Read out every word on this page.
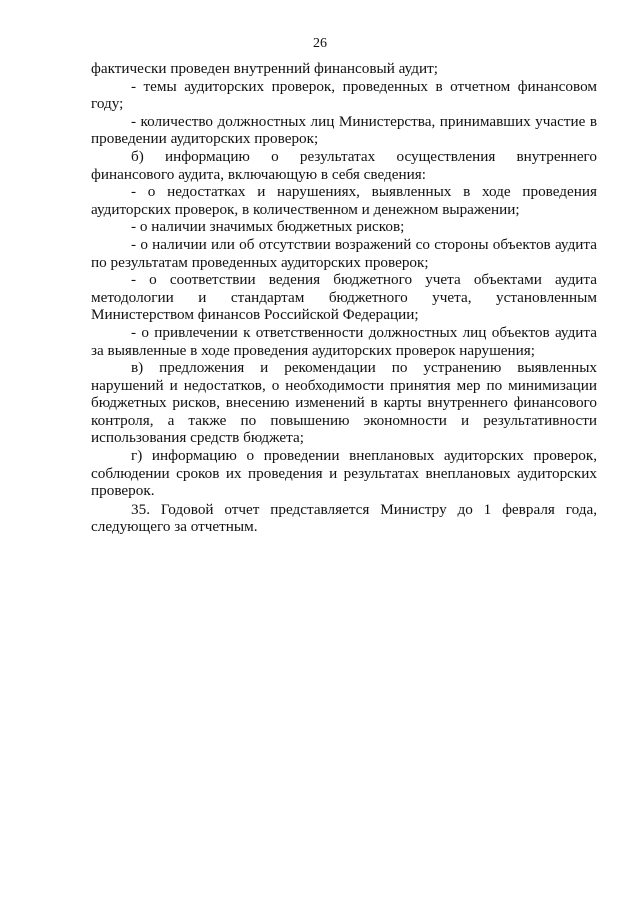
26

фактически проведен внутренний финансовый аудит;

- темы аудиторских проверок, проведенных в отчетном финансовом году;

- количество должностных лиц Министерства, принимавших участие в проведении аудиторских проверок;

б) информацию о результатах осуществления внутреннего финансового аудита, включающую в себя сведения:

- о недостатках и нарушениях, выявленных в ходе проведения аудиторских проверок, в количественном и денежном выражении;

- о наличии значимых бюджетных рисков;

- о наличии или об отсутствии возражений со стороны объектов аудита по результатам проведенных аудиторских проверок;

- о соответствии ведения бюджетного учета объектами аудита методологии и стандартам бюджетного учета, установленным Министерством финансов Российской Федерации;

- о привлечении к ответственности должностных лиц объектов аудита за выявленные в ходе проведения аудиторских проверок нарушения;

в) предложения и рекомендации по устранению выявленных нарушений и недостатков, о необходимости принятия мер по минимизации бюджетных рисков, внесению изменений в карты внутреннего финансового контроля, а также по повышению экономности и результативности использования средств бюджета;

г) информацию о проведении внеплановых аудиторских проверок, соблюдении сроков их проведения и результатах внеплановых аудиторских проверок.

35. Годовой отчет представляется Министру до 1 февраля года, следующего за отчетным.
